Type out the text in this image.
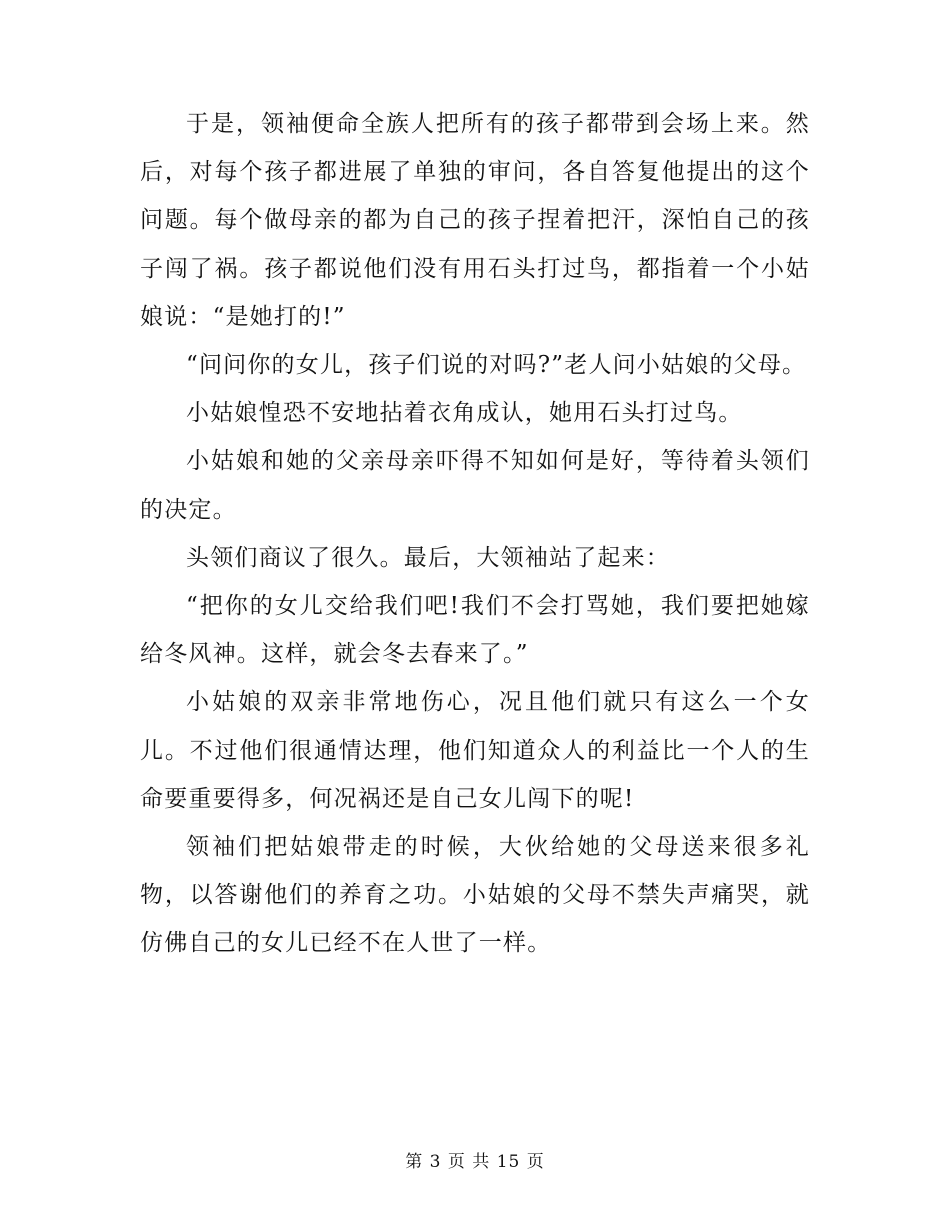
于是，领袖便命全族人把所有的孩子都带到会场上来。然后，对每个孩子都进展了单独的审问，各自答复他提出的这个问题。每个做母亲的都为自己的孩子捏着把汗，深怕自己的孩子闯了祸。孩子都说他们没有用石头打过鸟，都指着一个小姑娘说：“是她打的!”

“问问你的女儿，孩子们说的对吗?”老人问小姑娘的父母。

小姑娘惶恐不安地拈着衣角成认，她用石头打过鸟。

小姑娘和她的父亲母亲吓得不知如何是好，等待着头领们的决定。

头领们商议了很久。最后，大领袖站了起来：

“把你的女儿交给我们吧!我们不会打骂她，我们要把她嫁给冬风神。这样，就会冬去春来了。”

小姑娘的双亲非常地伤心，况且他们就只有这么一个女儿。不过他们很通情达理，他们知道众人的利益比一个人的生命要重要得多，何况祸还是自己女儿闯下的呢!

领袖们把姑娘带走的时候，大伙给她的父母送来很多礼物，以答谢他们的养育之功。小姑娘的父母不禁失声痛哭，就仿佛自己的女儿已经不在人世了一样。

第 3 页 共 15 页
